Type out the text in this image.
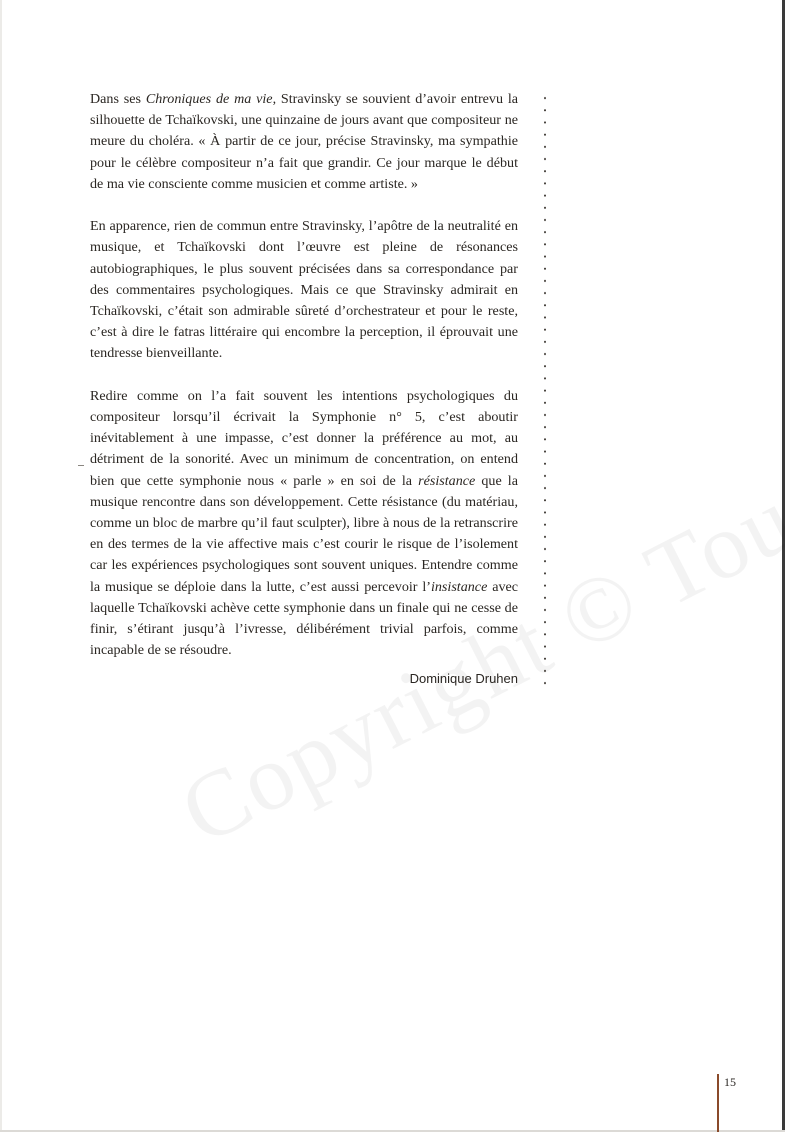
Dans ses Chroniques de ma vie, Stravinsky se souvient d’avoir entrevu la silhouette de Tchaïkovski, une quinzaine de jours avant que compositeur ne meure du choléra. « À partir de ce jour, précise Stravinsky, ma sympathie pour le célèbre compositeur n’a fait que grandir. Ce jour marque le début de ma vie consciente comme musicien et comme artiste. »

En apparence, rien de commun entre Stravinsky, l’apôtre de la neutralité en musique, et Tchaïkovski dont l’œuvre est pleine de résonances autobiographiques, le plus souvent précisées dans sa correspondance par des commentaires psychologiques. Mais ce que Stravinsky admirait en Tchaïkovski, c’était son admirable sûreté d’orchestrateur et pour le reste, c’est à dire le fatras littéraire qui encombre la perception, il éprouvait une tendresse bienveillante.

Redire comme on l’a fait souvent les intentions psychologiques du compositeur lorsqu’il écrivait la Symphonie n° 5, c’est aboutir inévitablement à une impasse, c’est donner la préférence au mot, au détriment de la sonorité. Avec un minimum de concentration, on entend bien que cette symphonie nous « parle » en soi de la résistance que la musique rencontre dans son développement. Cette résistance (du matériau, comme un bloc de marbre qu’il faut sculpter), libre à nous de la retranscrire en des termes de la vie affective mais c’est courir le risque de l’isolement car les expériences psychologiques sont souvent uniques. Entendre comme la musique se déploie dans la lutte, c’est aussi percevoir l’insistance avec laquelle Tchaïkovski achève cette symphonie dans un finale qui ne cesse de finir, s’étirant jusqu’à l’ivresse, délibérément trivial parfois, comme incapable de se résoudre.

Dominique Druhen
15
